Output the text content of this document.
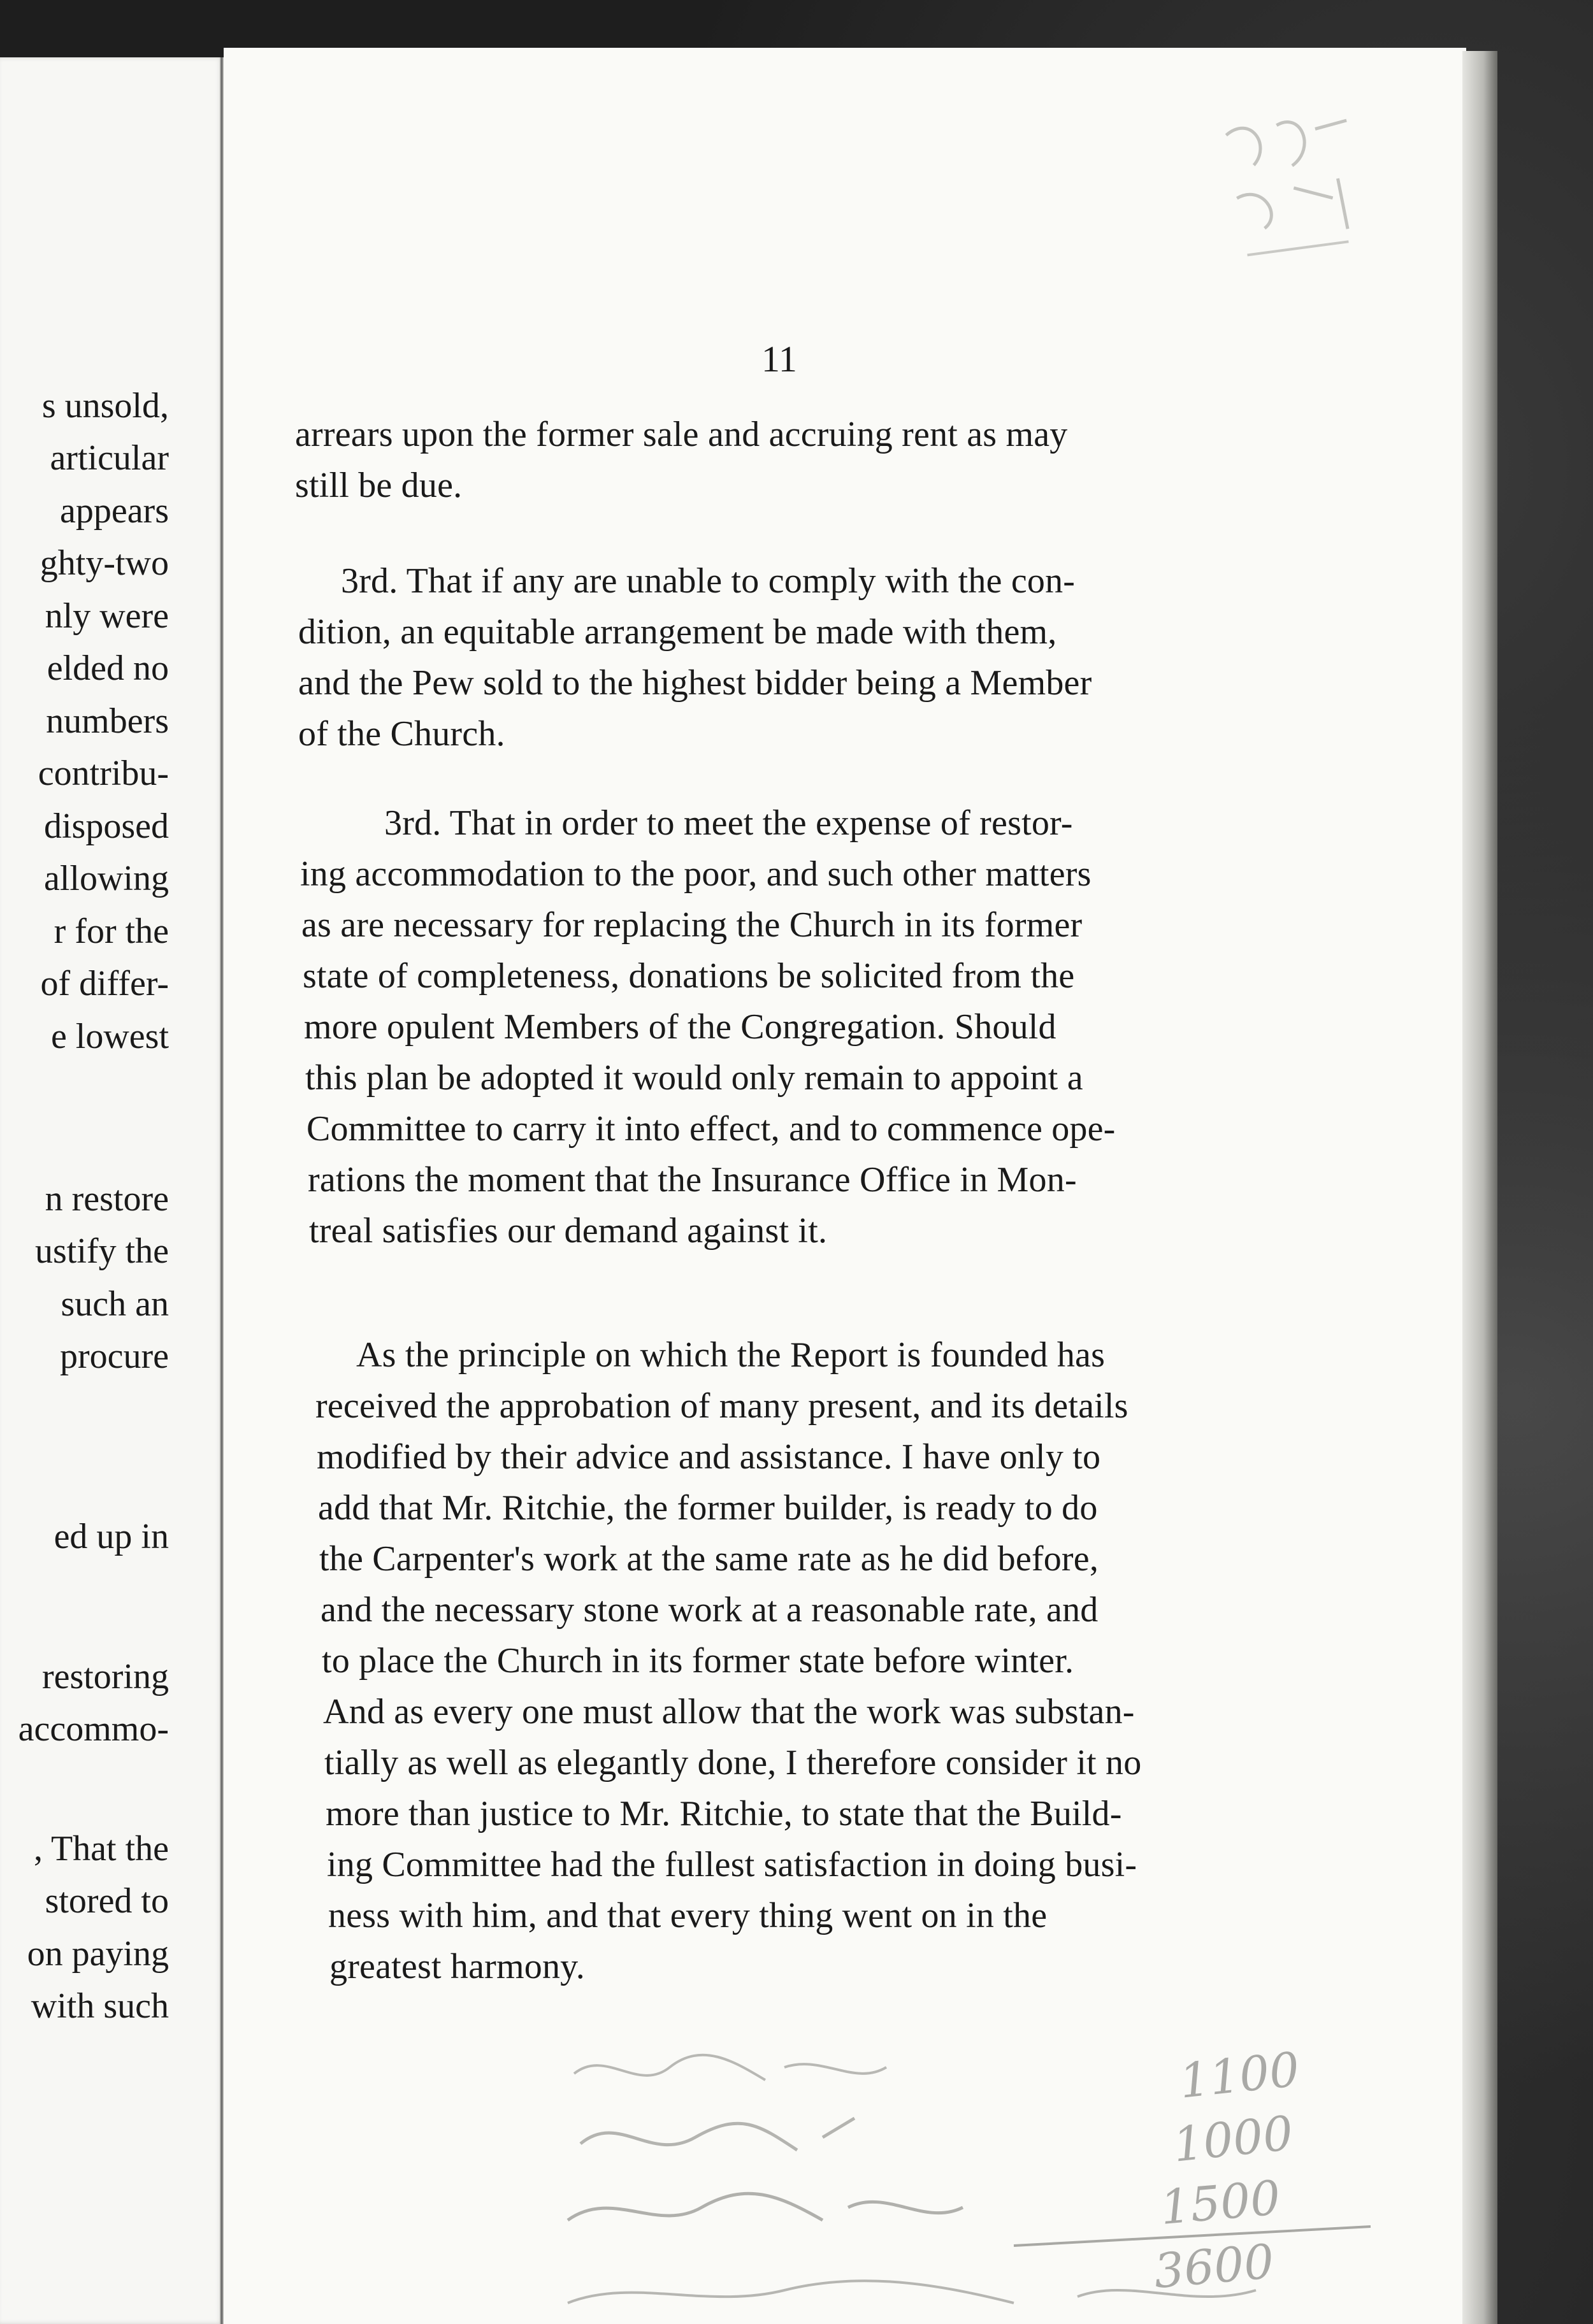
s unsold,
articular
appears
ghty-two
nly were
elded no
numbers
contribu-
disposed
allowing
r for the
of differ-
e lowest
n restore
ustify the
such an
procure
ed up in
restoring
accommo-
, That the
stored to
on paying
with such
11
arrears upon the former sale and accruing rent as may
still be due.
3rd. That if any are unable to comply with the con-
dition, an equitable arrangement be made with them,
and the Pew sold to the highest bidder being a Member
of the Church.
3rd. That in order to meet the expense of restor-
ing accommodation to the poor, and such other matters
as are necessary for replacing the Church in its former
state of completeness, donations be solicited from the
more opulent Members of the Congregation. Should
this plan be adopted it would only remain to appoint a
Committee to carry it into effect, and to commence ope-
rations the moment that the Insurance Office in Mon-
treal satisfies our demand against it.
As the principle on which the Report is founded has
received the approbation of many present, and its details
modified by their advice and assistance. I have only to
add that Mr. Ritchie, the former builder, is ready to do
the Carpenter's work at the same rate as he did before,
and the necessary stone work at a reasonable rate, and
to place the Church in its former state before winter.
And as every one must allow that the work was substan-
tially as well as elegantly done, I therefore consider it no
more than justice to Mr. Ritchie, to state that the Build-
ing Committee had the fullest satisfaction in doing busi-
ness with him, and that every thing went on in the
greatest harmony.
1100
1000
1500
3600
